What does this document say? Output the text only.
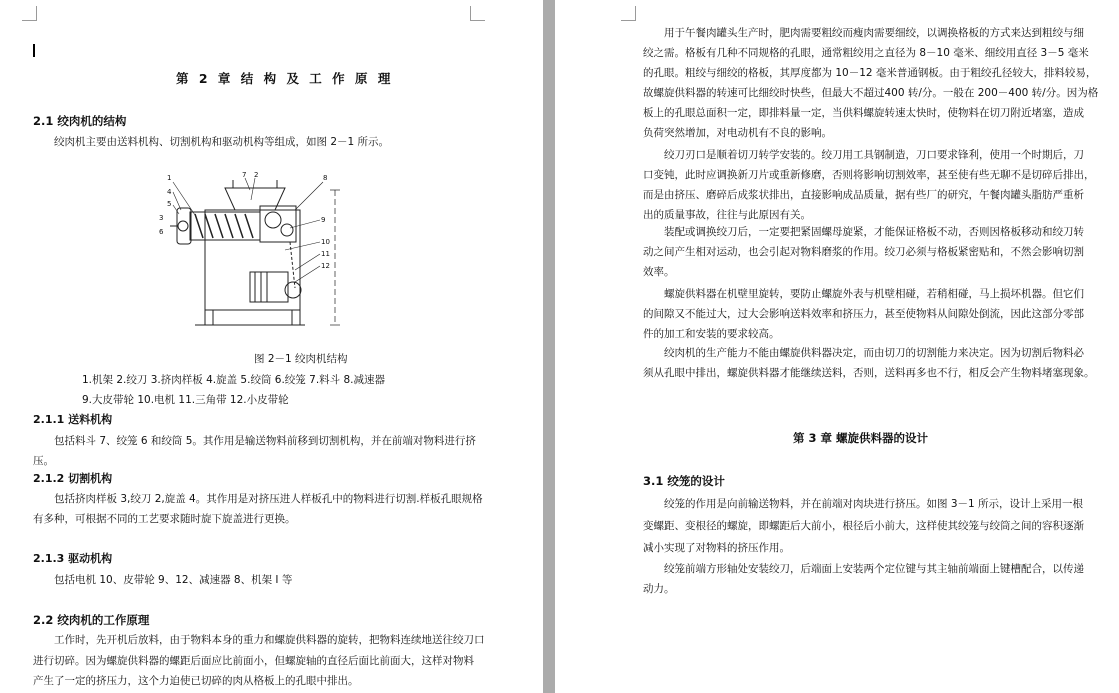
第 2 章 结 构 及 工 作 原 理
2.1 绞肉机的结构
绞肉机主要由送料机构、切割机构和驱动机构等组成，如图 2－1 所示。
1
4
5
7 2
3
6
8
9
10
11
12
图 2－1 绞肉机结构
1.机架 2.绞刀 3.挤肉样板 4.旋盖 5.绞筒 6.绞笼 7.料斗 8.减速器
9.大皮带轮 10.电机 11.三角带 12.小皮带轮
2.1.1 送料机构
包括料斗 7、绞笼 6 和绞筒 5。其作用是输送物料前移到切割机构，并在前端对物料进行挤
压。
2.1.2 切割机构
包括挤肉样板 3,绞刀 2,旋盖 4。其作用是对挤压进人样板孔中的物料进行切割.样板孔眼规格
有多种，可根据不同的工艺要求随时旋下旋盖进行更换。
2.1.3 驱动机构
包括电机 10、皮带轮 9、12、减速器 8、机架 I 等
2.2 绞肉机的工作原理
工作时，先开机后放料，由于物料本身的重力和螺旋供料器的旋转，把物料连续地送往绞刀口
进行切碎。因为螺旋供料器的螺距后面应比前面小，但螺旋轴的直径后面比前面大，这样对物料
产生了一定的挤压力，这个力迫使已切碎的肉从格板上的孔眼中排出。
用于午餐肉罐头生产时，肥肉需要粗绞而瘦肉需要细绞，以调换格板的方式来达到粗绞与细
绞之需。格板有几种不同规格的孔眼，通常粗绞用之直径为 8－10 毫米、细绞用直径 3－5 毫米
的孔眼。粗绞与细绞的格板，其厚度都为 10－12 毫米普通钢板。由于粗绞孔径较大，排料较易，
故螺旋供料器的转速可比细绞时快些，但最大不超过400 转/分。一般在 200－400 转/分。因为格
板上的孔眼总面积一定，即排料量一定，当供料螺旋转速太快时，使物料在切刀附近堵塞，造成
负荷突然增加，对电动机有不良的影响。
绞刀刃口是顺着切刀转学安装的。绞刀用工具钢制造，刀口要求锋利，使用一个时期后，刀
口变钝，此时应调换新刀片或重新修磨，否则将影响切割效率，甚至使有些无聊不是切碎后排出，
而是由挤压、磨碎后成浆状排出，直接影响成品质量，据有些厂的研究，午餐肉罐头脂肪严重析
出的质量事故，往往与此原因有关。
装配或调换绞刀后，一定要把紧固螺母旋紧，才能保证格板不动，否则因格板移动和绞刀转
动之间产生相对运动，也会引起对物料磨浆的作用。绞刀必须与格板紧密贴和，不然会影响切割
效率。
螺旋供料器在机壁里旋转，要防止螺旋外表与机壁相碰，若稍相碰，马上损坏机器。但它们
的间隙又不能过大，过大会影响送料效率和挤压力，甚至使物料从间隙处倒流，因此这部分零部
件的加工和安装的要求较高。
绞肉机的生产能力不能由螺旋供料器决定，而由切刀的切割能力来决定。因为切割后物料必
须从孔眼中排出，螺旋供料器才能继续送料，否则，送料再多也不行，相反会产生物料堵塞现象。
第 3 章 螺旋供料器的设计
3.1 绞笼的设计
绞笼的作用是向前输送物料，并在前端对肉块进行挤压。如图 3－1 所示，设计上采用一根
变螺距、变根径的螺旋，即螺距后大前小，根径后小前大，这样使其绞笼与绞筒之间的容积逐渐
减小实现了对物料的挤压作用。
绞笼前端方形轴处安装绞刀，后端面上安装两个定位键与其主轴前端面上键槽配合，以传递
动力。
